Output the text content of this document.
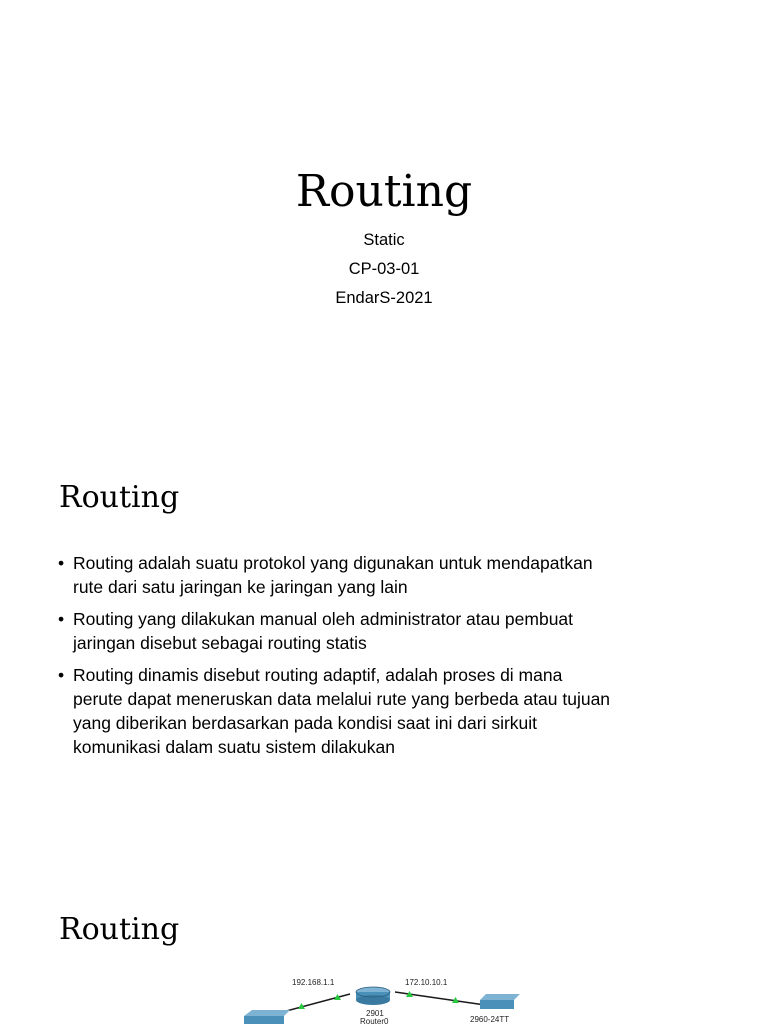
Routing
Static
CP-03-01
EndarS-2021
Routing
• Routing adalah suatu protokol yang digunakan untuk mendapatkan
rute dari satu jaringan ke jaringan yang lain
• Routing yang dilakukan manual oleh administrator atau pembuat
jaringan disebut sebagai routing statis
• Routing dinamis disebut routing adaptif, adalah proses di mana
perute dapat meneruskan data melalui rute yang berbeda atau tujuan
yang diberikan berdasarkan pada kondisi saat ini dari sirkuit
komunikasi dalam suatu sistem dilakukan
Routing
192.168.1.1	172.10.10.1
2901
Router0	2960-24TT
